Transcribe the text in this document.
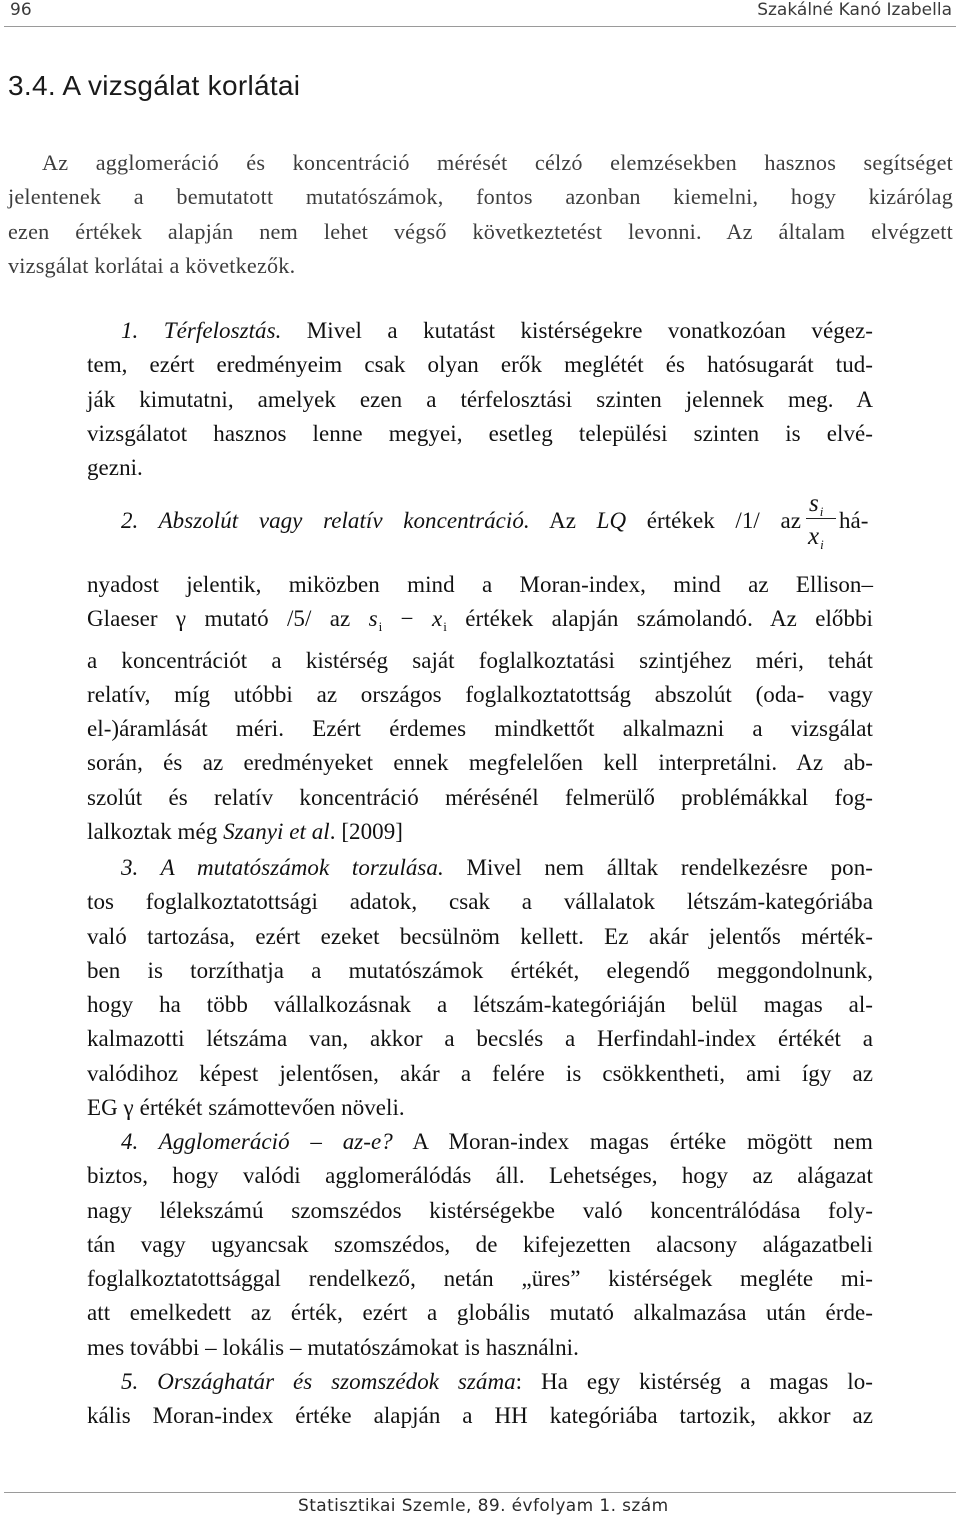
96	Szakálné Kanó Izabella
3.4. A vizsgálat korlátai
Az agglomeráció és koncentráció mérését célzó elemzésekben hasznos segítséget
jelentenek a bemutatott mutatószámok, fontos azonban kiemelni, hogy kizárólag
ezen értékek alapján nem lehet végső következtetést levonni. Az általam elvégzett
vizsgálat korlátai a következők.
1. Térfelosztás. Mivel a kutatást kistérségekre vonatkozóan végez-
tem, ezért eredményeim csak olyan erők meglétét és hatósugarát tud-
ják kimutatni, amelyek ezen a térfelosztási szinten jelennek meg. A
vizsgálatot hasznos lenne megyei, esetleg települési szinten is elvé-
gezni.
2. Abszolút vagy relatív koncentráció. Az LQ értékek /1/ az
$s_i$
$x_i$
há-
nyadost jelentik, miközben mind a Moran-index, mind az Ellison–
Glaeser γ mutató /5/ az $s_i - x_i$ értékek alapján számolandó. Az előbbi
a koncentrációt a kistérség saját foglalkoztatási szintjéhez méri, tehát
relatív, míg utóbbi az országos foglalkoztatottság abszolút (oda- vagy
el-)áramlását méri. Ezért érdemes mindkettőt alkalmazni a vizsgálat
során, és az eredményeket ennek megfelelően kell interpretálni. Az ab-
szolút és relatív koncentráció mérésénél felmerülő problémákkal fog-
lalkoztak még Szanyi et al. [2009]
3. A mutatószámok torzulása. Mivel nem álltak rendelkezésre pon-
tos foglalkoztatottsági adatok, csak a vállalatok létszám-kategóriába
való tartozása, ezért ezeket becsülnöm kellett. Ez akár jelentős mérték-
ben is torzíthatja a mutatószámok értékét, elegendő meggondolnunk,
hogy ha több vállalkozásnak a létszám-kategóriáján belül magas al-
kalmazotti létszáma van, akkor a becslés a Herfindahl-index értékét a
valódihoz képest jelentősen, akár a felére is csökkentheti, ami így az
EG γ értékét számottevően növeli.
4. Agglomeráció – az-e? A Moran-index magas értéke mögött nem
biztos, hogy valódi agglomerálódás áll. Lehetséges, hogy az alágazat
nagy lélekszámú szomszédos kistérségekbe való koncentrálódása foly-
tán vagy ugyancsak szomszédos, de kifejezetten alacsony alágazatbeli
foglalkoztatottsággal rendelkező, netán „üres” kistérségek megléte mi-
att emelkedett az érték, ezért a globális mutató alkalmazása után érde-
mes további – lokális – mutatószámokat is használni.
5. Országhatár és szomszédok száma: Ha egy kistérség a magas lo-
kális Moran-index értéke alapján a HH kategóriába tartozik, akkor az
Statisztikai Szemle, 89. évfolyam 1. szám
